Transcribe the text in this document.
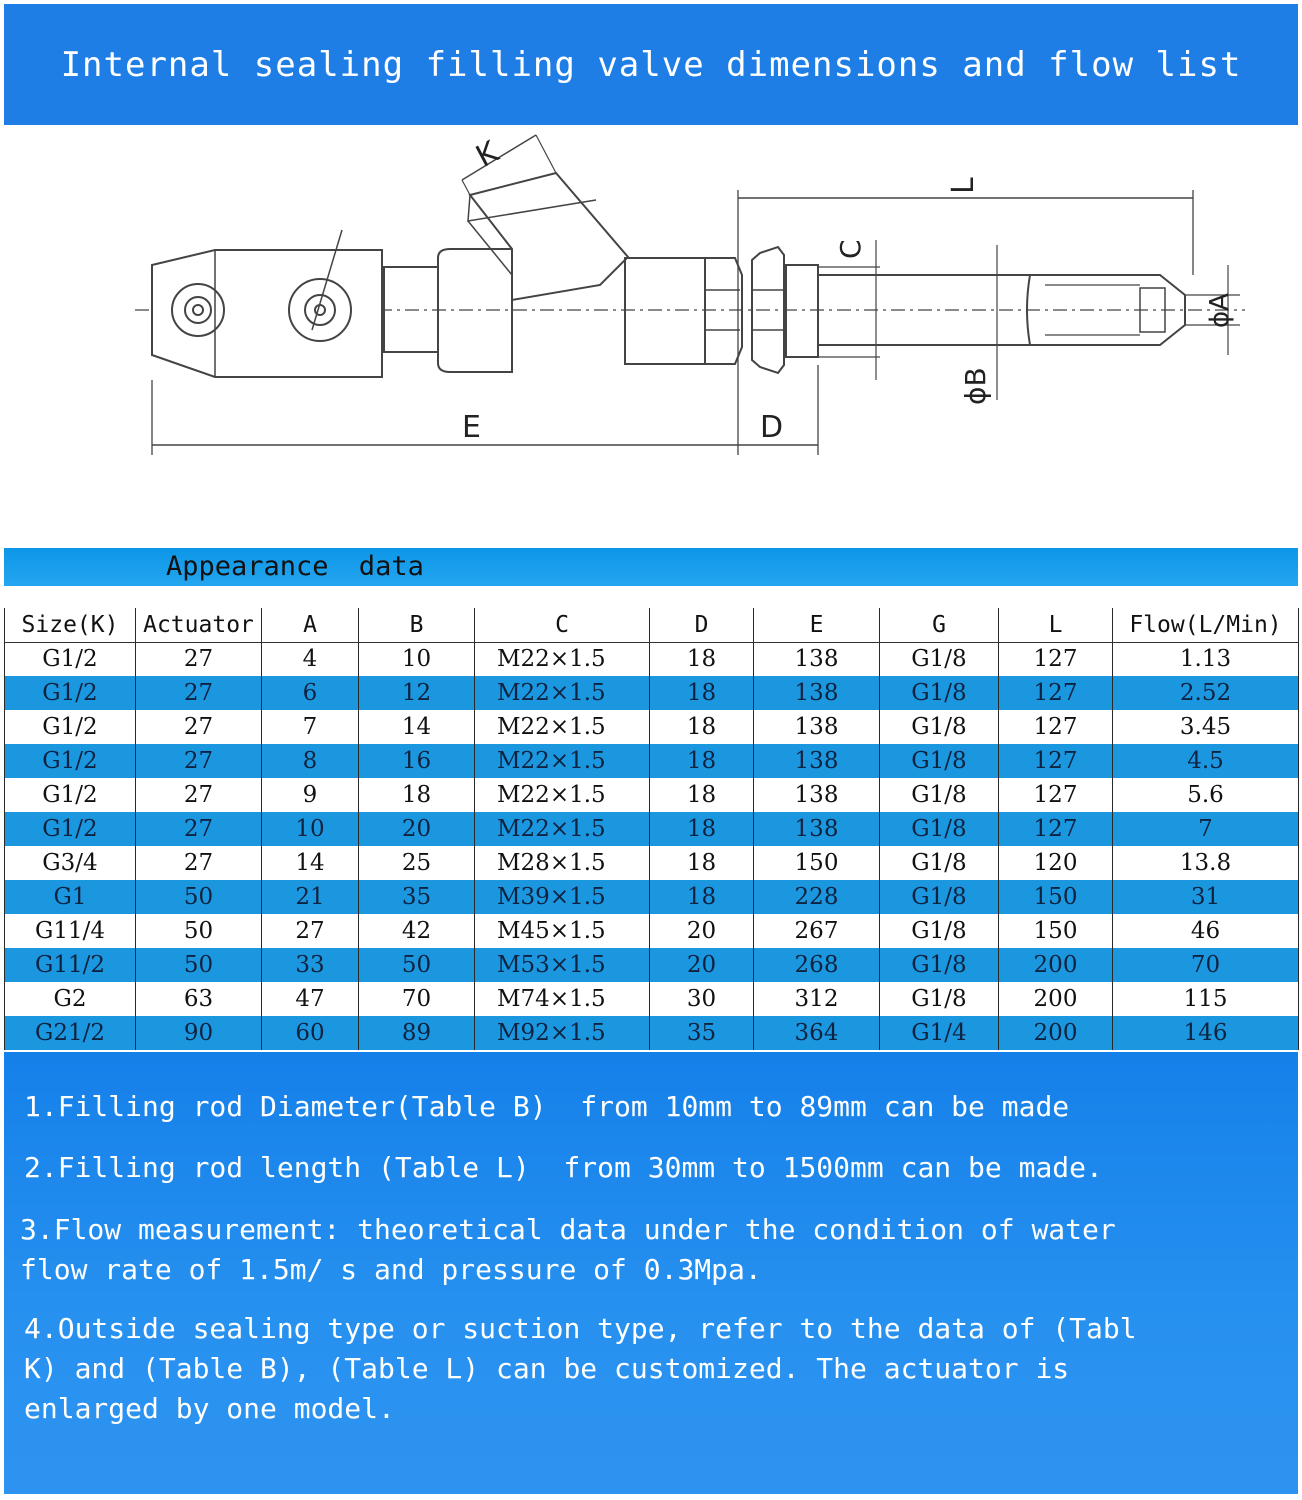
Internal sealing filling valve dimensions and flow list
K
L
C
ϕB
ϕA
E	D
Appearance data
Size(K)	Actuator	A	B	C	D	E	G	L	Flow(L/Min)
G1/2	27	4	10	M22×1.5	18	138	G1/8	127	1.13
G1/2	27	6	12	M22×1.5	18	138	G1/8	127	2.52
G1/2	27	7	14	M22×1.5	18	138	G1/8	127	3.45
G1/2	27	8	16	M22×1.5	18	138	G1/8	127	4.5
G1/2	27	9	18	M22×1.5	18	138	G1/8	127	5.6
G1/2	27	10	20	M22×1.5	18	138	G1/8	127	7
G3/4	27	14	25	M28×1.5	18	150	G1/8	120	13.8
G1	50	21	35	M39×1.5	18	228	G1/8	150	31
G11/4	50	27	42	M45×1.5	20	267	G1/8	150	46
G11/2	50	33	50	M53×1.5	20	268	G1/8	200	70
G2	63	47	70	M74×1.5	30	312	G1/8	200	115
G21/2	90	60	89	M92×1.5	35	364	G1/4	200	146
1.Filling rod Diameter(Table B)  from 10mm to 89mm can be made
2.Filling rod length (Table L)  from 30mm to 1500mm can be made.
3.Flow measurement: theoretical data under the condition of water
flow rate of 1.5m/ s and pressure of 0.3Mpa.
4.Outside sealing type or suction type, refer to the data of (Tabl
K) and (Table B), (Table L) can be customized. The actuator is
enlarged by one model.
